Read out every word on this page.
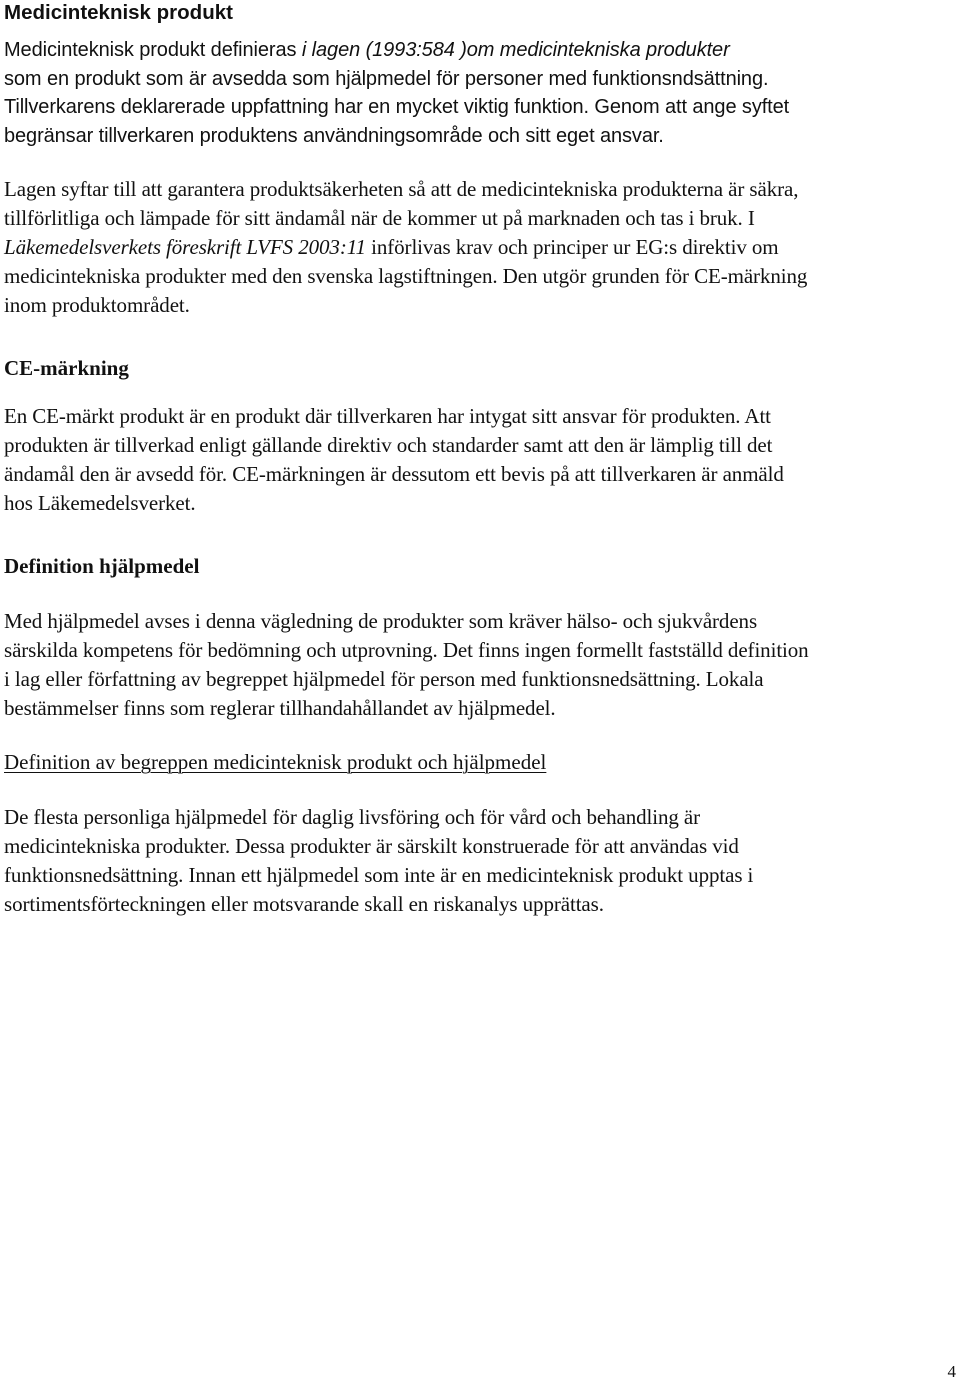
Medicinteknisk produkt
Medicinteknisk produkt definieras i lagen (1993:584 )om medicintekniska produkter
som en produkt som är avsedda som hjälpmedel för personer med funktionsndsättning.
Tillverkarens deklarerade uppfattning har en mycket viktig funktion. Genom att ange syftet
begränsar tillverkaren produktens användningsområde och sitt eget ansvar.
Lagen syftar till att garantera produktsäkerheten så att de medicintekniska produkterna är säkra,
tillförlitliga och lämpade för sitt ändamål när de kommer ut på marknaden och tas i bruk. I
Läkemedelsverkets föreskrift LVFS 2003:11 införlivas krav och principer ur EG:s direktiv om
medicintekniska produkter med den svenska lagstiftningen. Den utgör grunden för CE-märkning
inom produktområdet.
CE-märkning
En CE-märkt produkt är en produkt där tillverkaren har intygat sitt ansvar för produkten. Att
produkten är tillverkad enligt gällande direktiv och standarder samt att den är lämplig till det
ändamål den är avsedd för. CE-märkningen är dessutom ett bevis på att tillverkaren är anmäld
hos Läkemedelsverket.
Definition hjälpmedel
Med hjälpmedel avses i denna vägledning de produkter som kräver hälso- och sjukvårdens
särskilda kompetens för bedömning och utprovning. Det finns ingen formellt fastställd definition
i lag eller författning av begreppet hjälpmedel för person med funktionsnedsättning. Lokala
bestämmelser finns som reglerar tillhandahållandet av hjälpmedel.
Definition av begreppen medicinteknisk produkt och hjälpmedel
De flesta personliga hjälpmedel för daglig livsföring och för vård och behandling är
medicintekniska produkter. Dessa produkter är särskilt konstruerade för att användas vid
funktionsnedsättning. Innan ett hjälpmedel som inte är en medicinteknisk produkt upptas i
sortimentsförteckningen eller motsvarande skall en riskanalys upprättas.
4
